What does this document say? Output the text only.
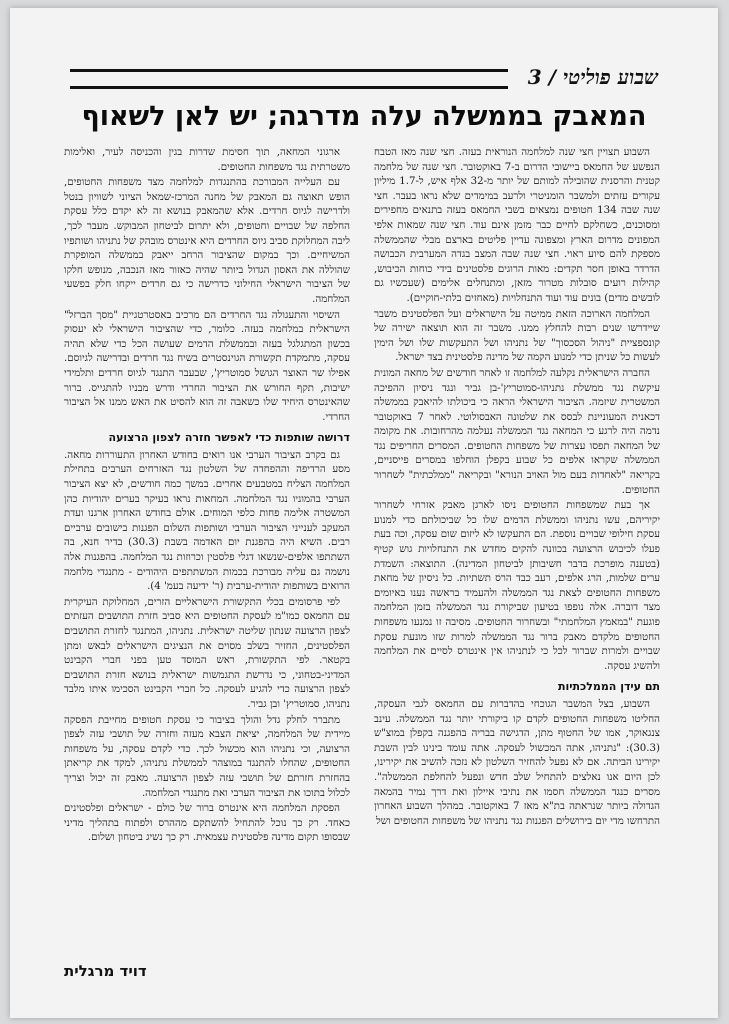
שבוע פוליטי / 3
המאבק בממשלה עלה מדרגה; יש לאן לשאוף

השבוע תצויין חצי שנה למלחמה הנוראית בעזה. חצי שנה מאז הטבח הנפשע של החמאס ביישובי הדרום ב-7 באוקטובר. חצי שנה של מלחמה קטנית והרסנית שהובילה למותם של יותר מ-32 אלף איש, ל-1.7 מיליון עקורים עזתים ולמשבר הומניטרי ולרעב במימדים שלא נראו בעבר. חצי שנה שבה 134 חטופים נמצאים בשבי החמאס בעזה בתנאים מחפירים ומסוכנים, כשחלקם לחיים כבר מזמן אינם עוד. חצי שנה שמאות אלפי המפונים מדרום הארץ ומצפונה עדיין פליטים בארצם מבלי שהממשלה מספקת להם סיוע ראוי. חצי שנה שבה המצב בגדה המערבית הכבושה הדרדר באופן חסר תקדים: מאות הרוגים פלסטינים בידי כוחות הכיבוש, קהילות רועים סובלות מטרור מזאן, ומתנחלים אלימים (שעכשיו גם לובשים מדים) בונים עוד ועוד התנחלויות (מאחזים בלתי-חוקיים).

המלחמה הארוכה הזאת ממיטה על הישראלים ועל הפלסטינים משבר שיידרשו שנים רבות להחלץ ממנו. משבר זה הוא תוצאה ישירה של קונספציית "ניהול הסכסוך" של נתניהו ושל התעקשות שלו ושל הימין לעשות כל שניתן כדי למנוע הקמה של מדינה פלסטינית בצד ישראל.

החברה הישראלית נקלעה למלחמה זו לאחר חודשים של מחאה המונית עיקשת נגד ממשלת נתניהו-סמוטריץ'-בן גביר ונגד ניסיון ההפיכה המשטרית שיזמה. הציבור הישראלי הראה כי ביכולתו להיאבק בממשלה דכאנית המעוניינת לבסס את שלטונה האבסולוטי. לאחר 7 באוקטובר נדמה היה לרגע כי המחאה נגד הממשלה נעלמה מהרחובות. את מקומה של המחאה תפסו עצרות של משפחות החטופים. המסרים החריפים נגד הממשלה שקראו אלפים כל שבוע בקפלן הוחלפו במסרים פייסניים, בקריאה "לאחדות בעם מול האויב הנורא" ובקריאה "ממלכתית" לשחרור החטופים.

אך בעת שמשפחות החטופים ניסו לארגן מאבק אזרחי לשחרור יקיריהם, עשו נתניהו וממשלת הדמים שלו כל שביכולתם כדי למנוע עסקת חילופי שבויים נוספת. הם התעקשו לא ליזום שום עסקה, וכה בעת פעלו לכיבוש הרצועה בכוונה להקים מחדש את התנחלויות גוש קטיף (בטענה מופרכת בדבר חשיבותן לביטחון המדינה). התוצאה: השמדת ערים שלמות, הרג אלפים, רעב כבד הרס תשתיות. כל ניסיון של מחאת משפחות החטופים לצאת נגד הממשלה ולהעמיד בראשה נענו באיומים מצד דוברה. אלה נופפו בטיעון שביקורת נגד הממשלה בזמן המלחמה פוגעת "במאמץ המלחמתי" ובשחרור החטופים. מסיבה זו נמנעו משפחות החטופים מלקדם מאבק ברור נגד הממשלה למרות שזו מונעת עסקת שבויים ולמרות שברור לכל כי לנתניהו אין אינטרס לסיים את המלחמה ולהשיג עסקה.

תם עידן הממלכתיות

השבוע, בצל המשבר הגוכחי בהדברות עם החמאס לגבי העסקה, החליטו משפחות החטופים לקדם קו ביקורתי יותר נגד הממשלה. עינב צנגאוקר, אמו של החטוף מתן, הדגישה בבריה בהפגנה בקפלן במוצ"ש (30.3): "נתניהו, אתה המכשול לעסקה. אתה עומד בינינו לבין השבת יקירינו הביתה. אם לא נפעל להחזיר השלטון לא נזכה להשיב את יקירינו, לכן היום אנו נאלצים להתחיל שלב חדש ונפעל להחלפת הממשלה". מסרים כנגד הממשלה חסמו את נתיבי איילון ואת דרך נמיר בהמאה הגדולה ביותר שנראתה בת"א מאז 7 באוקטובר. במהלך השבוע האחרון התרחשו מדי יום בירושלים הפגנות נגד נתניהו של משפחות החטופים ושל

ארגוני המחאה, תוך חסימת שדרות בגין והכניסה לעיר, ואלימות משטרתית נגד משפחות החטופים.

עם העלייה המבורכת בהתנגדות למלחמה מצד משפחות החטופים, הופש תאוצה גם המאבק של מחנה המרכז-שמאל הציוני לשוויון בנטל ולדרישה לגיוס חרדים. אלא שהמאבק בנושא זה לא יקדם כלל עסקת החלפה של שבויים וחטופים, ולא יתרום לביטחון המבוקש. מעבר לכך, ליבה המחלוקת סביב גיוס החרדים היא אינטרס מובהק של נתניהו ושותפיו המשיחיים. וכך במקום שהציבור הרחב ייאבק בממשלה המופקרת שהוללה את האסון הגדול ביותר שהיה כאזור מאז הנכבה, מנופש חלקו של הציבור הישראלי החילוני כדרישה כי גם חרדים ייקחו חלק בפשעי המלחמה.

השיסוי והתעגולה נגד החרדים הם מרכיב באסטרטגיית "מסך הברזל" הישראלית במלחמה בעזה. כלומר, כדי שהציבור הישראלי לא יעסוק בכשון המתגלגל בעזה ובממשלת הדמים שעושה הכל כדי שלא תהיה עסקה, מתמקדת תקשורת הגוינסטרים בשיח נגד חרדים ובדרישה לגיוסם. אפילו שר האוצר הגושל סמוטריץ', שבעבר התנגד לגיוס חרדים ותלמידי ישיבות, תקף החורש את הציבור החרדי ודרש מבניו להתגייס. ברור שהאינטרס היחיד שלו כשאבה זה הוא להסיט את האש ממנו אל הציבור החרדי.

דרושה שותפות כדי לאפשר חזרה לצפון הרצועה

גם בקרב הציבור הערבי אנו רואים בחודש האחרון התעוררות מחאה. מסע הרדיפה וההפחדה של השלטון נגד האזרחים הערבים בתחילת המלחמה הצליח במטבעים אחרים. במשך כמה חודשים, לא יצא הציבור הערבי בהמוניו נגד המלחמה. המחאות נראו בעיקר בערים יהודיות כהן המשטרה אלימה פחות כלפי המוחים. אולם בחודש האחרון ארגנו ועדת המעקב לענייני הציבור הערבי ושותפות השלום הפגנות בישובים ערביים רבים. השיא היה בהפגנת יום האדמה בשבת (30.3) בדיר חנא, בה השתתפו אלפים-שנשאו דגלי פלסטין וכרוזות נגד המלחמה. בהפגנות אלה נושמה גם עליה מבורכת בכמות המשתתפים היהודים - מתנגדי מלחמה הרואים בשותפות יהודית-ערבית (ר' ידיעה בעמ' 4).

לפי פרסומים בכלי התקשורת הישראליים הזרים, המחלוקת העיקרית עם החמאס כמו"מ לעסקת החטופים היא סביב חזרת התושבים העזתים לצפון הרצועה שנתון שליטה ישראלית. נתניהו, המתנגד לחזרת התושבים הפלסטינים, החזיר בשלב מסוים את הנציגים הישראלים לבאש ומתן בקטאר. לפי התקשורת, ראש המוסד טען בפני חברי הקבינט המדיני-בטחוני, כי נדרשת התגמשות ישראלית בנושא חזרת התושבים לצפון הרצועה כדי להגיע לעסקה. כל חברי הקבינט הסכימו איתו מלבד נתניהו, סמוטריץ' ובן גביר.

מתברר לחלק גדל והולך בציבור כי עסקת חטופים מחייבת הפסקה מיידית של המלחמה, יציאת הצבא מעזה וחזרה של תושבי עזה לצפון הרצועה, וכי נתניהו הוא מכשול לכך. כדי לקדם עסקה, על משפחות החטופים, שהחלו להתנגד במוצהר לממשלת נתניהו, למקד את קריאתן בהחזרת חזרתם של תושבי עזה לצפון הרצועה. מאבק זה יכול וצריך לכלול בתוכו את הציבור הערבי ואת מתנגדי המלחמה.

הפסקת המלחמה היא אינטרס ברור של כולם - ישראלים ופלסטינים כאחד. רק כך נוכל להתחיל להשתקם מההרס ולפתוח בתהליך מדיני שבסופו תקום מדינה פלסטינית עצמאית. רק כך נשיג ביטחון ושלום.

דויד מרגלית
